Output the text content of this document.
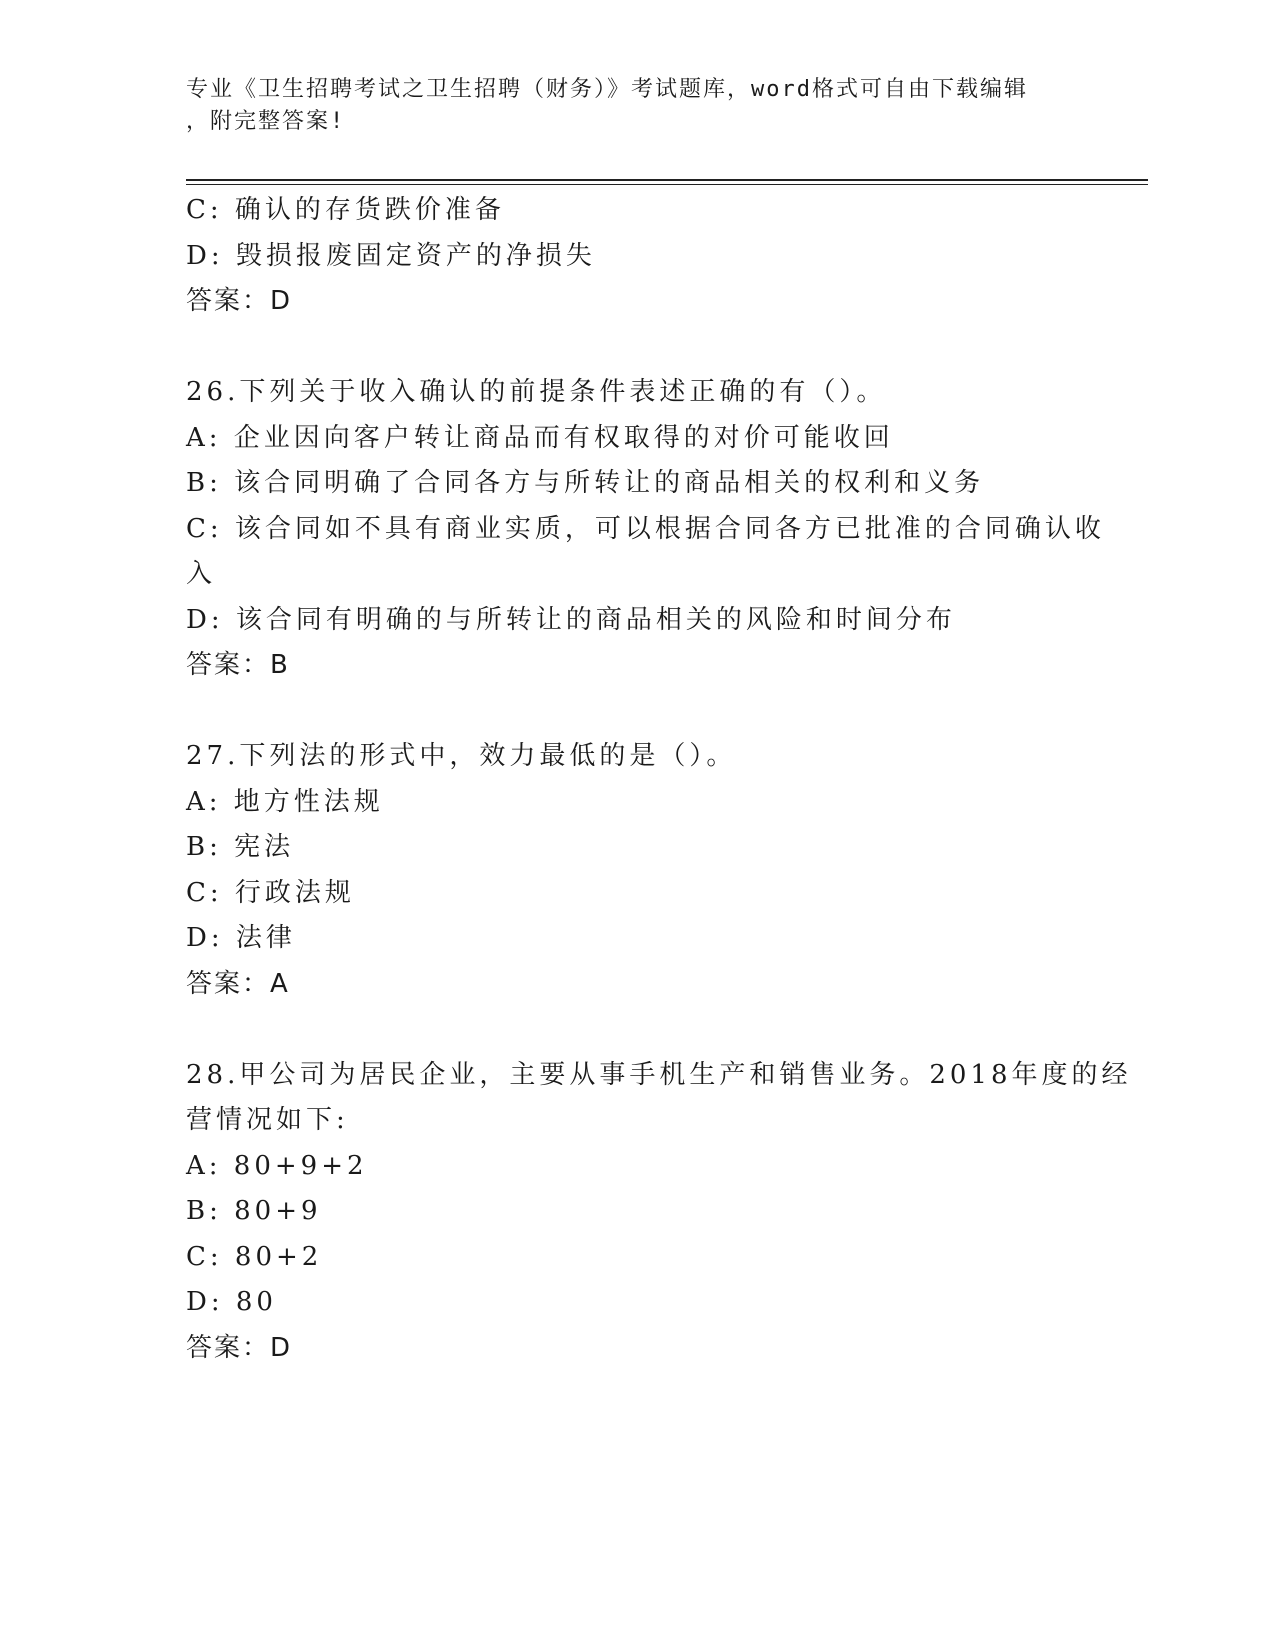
专业《卫生招聘考试之卫生招聘（财务）》考试题库，word格式可自由下载编辑
，附完整答案!
C: 确认的存货跌价准备
D: 毁损报废固定资产的净损失
答案：D
26.下列关于收入确认的前提条件表述正确的有（）。
A: 企业因向客户转让商品而有权取得的对价可能收回
B: 该合同明确了合同各方与所转让的商品相关的权利和义务
C: 该合同如不具有商业实质，可以根据合同各方已批准的合同确认收
入
D: 该合同有明确的与所转让的商品相关的风险和时间分布
答案：B
27.下列法的形式中，效力最低的是（）。
A: 地方性法规
B: 宪法
C: 行政法规
D: 法律
答案：A
28.甲公司为居民企业，主要从事手机生产和销售业务。2018年度的经
营情况如下:
A: 80+9+2
B: 80+9
C: 80+2
D: 80
答案：D
